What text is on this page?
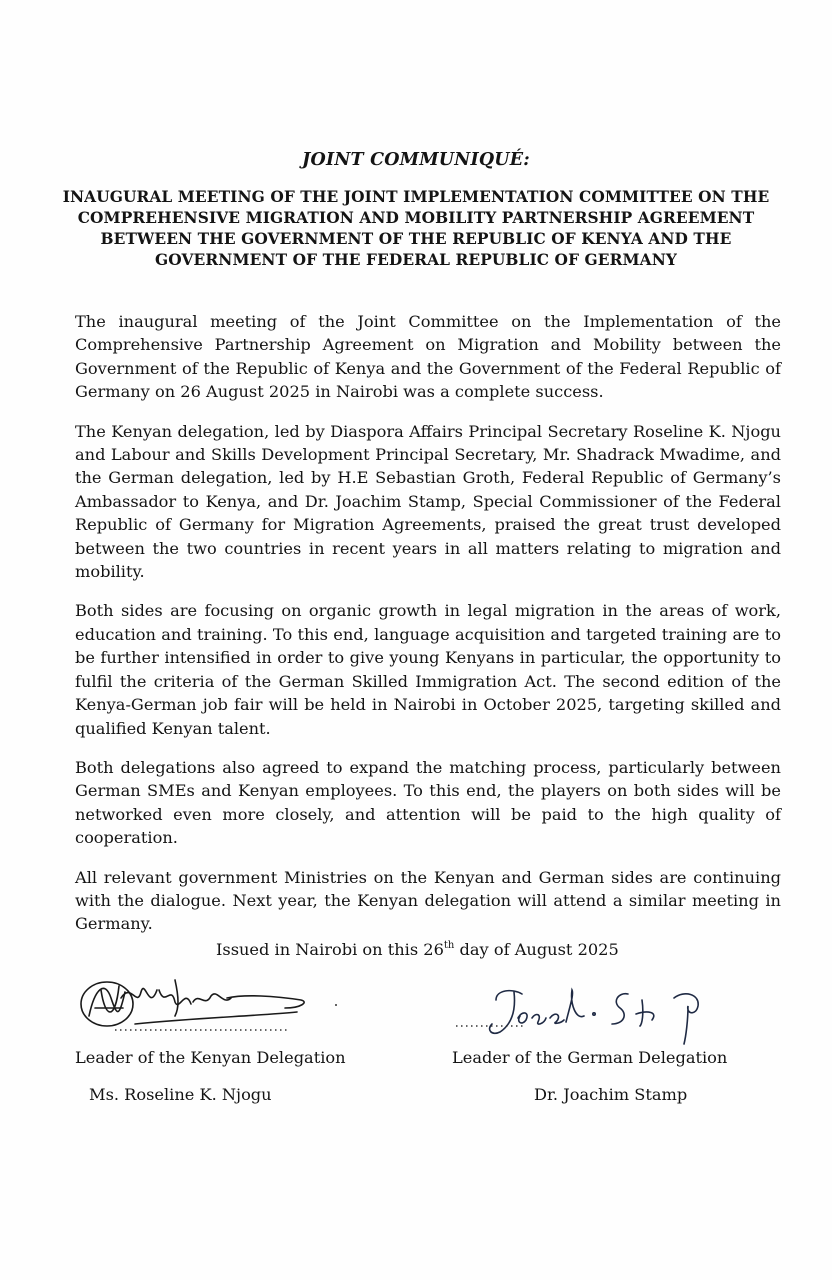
JOINT COMMUNIQUÉ:
INAUGURAL MEETING OF THE JOINT IMPLEMENTATION COMMITTEE ON THE
COMPREHENSIVE MIGRATION AND MOBILITY PARTNERSHIP AGREEMENT
BETWEEN THE GOVERNMENT OF THE REPUBLIC OF KENYA AND THE
GOVERNMENT OF THE FEDERAL REPUBLIC OF GERMANY

The inaugural meeting of the Joint Committee on the Implementation of the Comprehensive Partnership Agreement on Migration and Mobility between the Government of the Republic of Kenya and the Government of the Federal Republic of Germany on 26 August 2025 in Nairobi was a complete success.

The Kenyan delegation, led by Diaspora Affairs Principal Secretary Roseline K. Njogu and Labour and Skills Development Principal Secretary, Mr. Shadrack Mwadime, and the German delegation, led by H.E Sebastian Groth, Federal Republic of Germany’s Ambassador to Kenya, and Dr. Joachim Stamp, Special Commissioner of the Federal Republic of Germany for Migration Agreements, praised the great trust developed between the two countries in recent years in all matters relating to migration and mobility.

Both sides are focusing on organic growth in legal migration in the areas of work, education and training. To this end, language acquisition and targeted training are to be further intensified in order to give young Kenyans in particular, the opportunity to fulfil the criteria of the German Skilled Immigration Act. The second edition of the Kenya-German job fair will be held in Nairobi in October 2025, targeting skilled and qualified Kenyan talent.

Both delegations also agreed to expand the matching process, particularly between German SMEs and Kenyan employees. To this end, the players on both sides will be networked even more closely, and attention will be paid to the high quality of cooperation.

All relevant government Ministries on the Kenyan and German sides are continuing with the dialogue. Next year, the Kenyan delegation will attend a similar meeting in Germany.

Issued in Nairobi on this 26th day of August 2025
Leader of the Kenyan Delegation
Ms. Roseline K. Njogu
Leader of the German Delegation
Dr. Joachim Stamp
